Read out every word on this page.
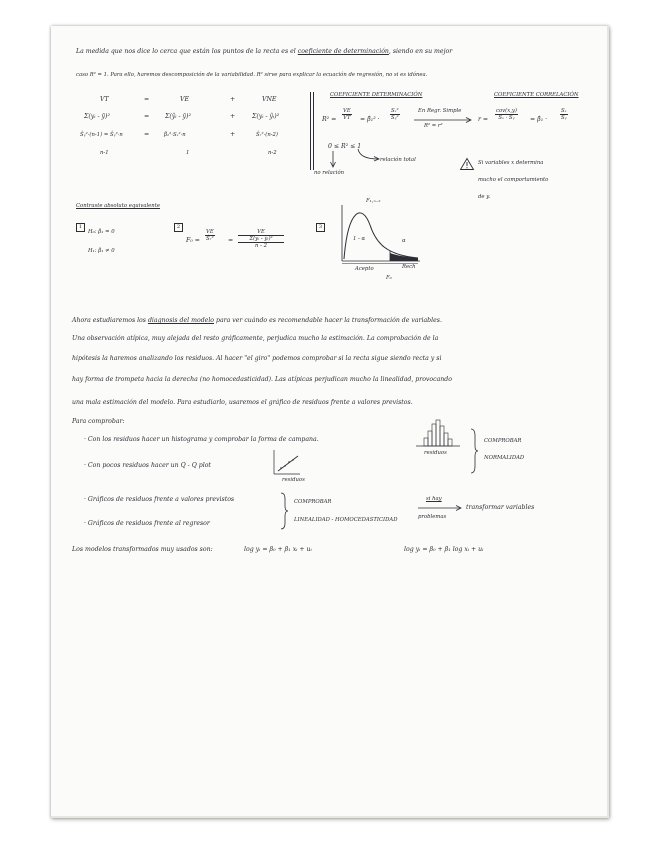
La medida que nos dice lo cerca que están los puntos de la recta es el coeficiente de determinación, siendo en su mejor
caso R² = 1. Para ello, haremos descomposición de la variabilidad. R² sirve para explicar la ecuación de regresión, no si es idónea.
VT	=	VE	+	VNE
Σ(yᵢ - ȳ)²	=	Σ(ŷᵢ - ȳ)²	+	Σ(yᵢ - ŷᵢ)²
Ŝᵧ²·(n-1) = Ŝᵧ²·n	=	β̂₁²·Sₓ²·n	+	Ŝᵣ²·(n-2)
n-1	1	n-2
COEFICIENTE DETERMINACIÓN	COEFICIENTE CORRELACIÓN
$R^2 = \frac{VE}{VT}$ = β̂₁² · $\frac{\text{Sₓ²}}{\text{Sᵧ²}}$	En Regr. Simple
R² = r²
r =
cov(x,y)
Sₓ · Sᵧ	= β̂₁ · $\frac{\text{Sₓ}}{\text{Sᵧ}}$
0 ≤ R² ≤ 1
no relación
relación total	Si variables x determina
mucho el comportamiento
de y.
Contraste absoluto equivalente
1
H₀: β₁ = 0
H₁: β₁ ≠ 0
2
$F_0 = \frac{VE}{\text{Ŝᵣ²}}$ =
VE
Σ(yᵢ - ŷᵢ)²
n - 2
3
F₁,ₙ₋₂
1 - α	α
Acepto	Rech
F₀
Ahora estudiaremos los diagnosis del modelo para ver cuándo es recomendable hacer la transformación de variables.
Una observación atípica, muy alejada del resto gráficamente, perjudica mucho la estimación. La comprobación de la
hipótesis la haremos analizando los residuos. Al hacer "el giro" podemos comprobar si la recta sigue siendo recta y si
hay forma de trompeta hacia la derecha (no homocedasticidad). Las atípicas perjudican mucho la linealidad, provocando
una mala estimación del modelo. Para estudiarlo, usaremos el gráfico de residuos frente a valores previstos.
Para comprobar:
· Con los residuos hacer un histograma y comprobar la forma de campana.
residuos
· Con pocos residuos hacer un Q - Q plot
residuos
COMPROBAR
NORMALIDAD
· Gráficos de residuos frente a valores previstos
· Gráficos de residuos frente al regresor
COMPROBAR
LINEALIDAD - HOMOCEDASTICIDAD
si hay
problemas
transformar variables
Los modelos transformados muy usados son:	log yᵢ = β₀ + β₁ xᵢ + uᵢ	log yᵢ = β₀ + β₁ log xᵢ + uᵢ
